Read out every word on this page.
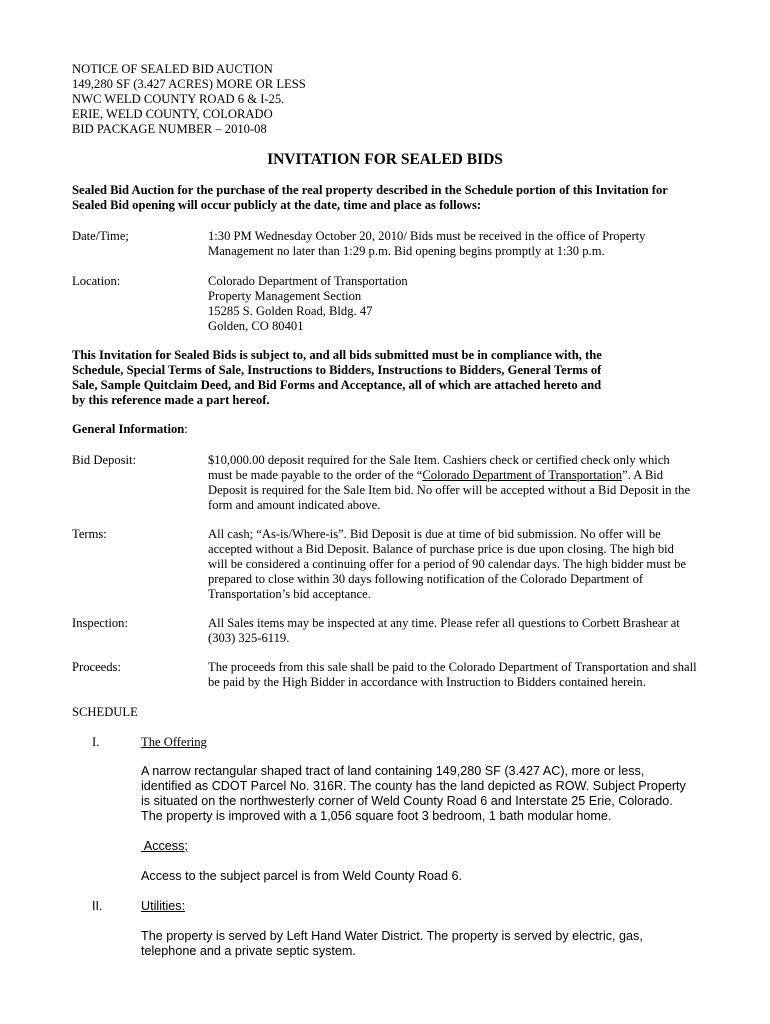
NOTICE OF SEALED BID AUCTION
149,280 SF (3.427 ACRES) MORE OR LESS
NWC WELD COUNTY ROAD 6 & I-25.
ERIE, WELD COUNTY, COLORADO
BID PACKAGE NUMBER – 2010-08
INVITATION FOR SEALED BIDS
Sealed Bid Auction for the purchase of the real property described in the Schedule portion of this Invitation for
Sealed Bid opening will occur publicly at the date, time and place as follows:
Date/Time;	1:30 PM Wednesday October 20, 2010/ Bids must be received in the office of Property
Management no later than 1:29 p.m. Bid opening begins promptly at 1:30 p.m.
Location:	Colorado Department of Transportation
Property Management Section
15285 S. Golden Road, Bldg. 47
Golden, CO 80401
This Invitation for Sealed Bids is subject to, and all bids submitted must be in compliance with, the
Schedule, Special Terms of Sale, Instructions to Bidders, Instructions to Bidders, General Terms of
Sale, Sample Quitclaim Deed, and Bid Forms and Acceptance, all of which are attached hereto and
by this reference made a part hereof.
General Information:
Bid Deposit:	$10,000.00 deposit required for the Sale Item. Cashiers check or certified check only which
must be made payable to the order of the “Colorado Department of Transportation”. A Bid
Deposit is required for the Sale Item bid. No offer will be accepted without a Bid Deposit in the
form and amount indicated above.
Terms:	All cash; “As-is/Where-is”. Bid Deposit is due at time of bid submission. No offer will be
accepted without a Bid Deposit. Balance of purchase price is due upon closing. The high bid
will be considered a continuing offer for a period of 90 calendar days. The high bidder must be
prepared to close within 30 days following notification of the Colorado Department of
Transportation’s bid acceptance.
Inspection:	All Sales items may be inspected at any time. Please refer all questions to Corbett Brashear at
(303) 325-6119.
Proceeds:	The proceeds from this sale shall be paid to the Colorado Department of Transportation and shall
be paid by the High Bidder in accordance with Instruction to Bidders contained herein.
SCHEDULE
I.	The Offering
A narrow rectangular shaped tract of land containing 149,280 SF (3.427 AC), more or less,
identified as CDOT Parcel No. 316R. The county has the land depicted as ROW. Subject Property
is situated on the northwesterly corner of Weld County Road 6 and Interstate 25 Erie, Colorado.
The property is improved with a 1,056 square foot 3 bedroom, 1 bath modular home.
Access;
Access to the subject parcel is from Weld County Road 6.
II.	Utilities:
The property is served by Left Hand Water District. The property is served by electric, gas,
telephone and a private septic system.
